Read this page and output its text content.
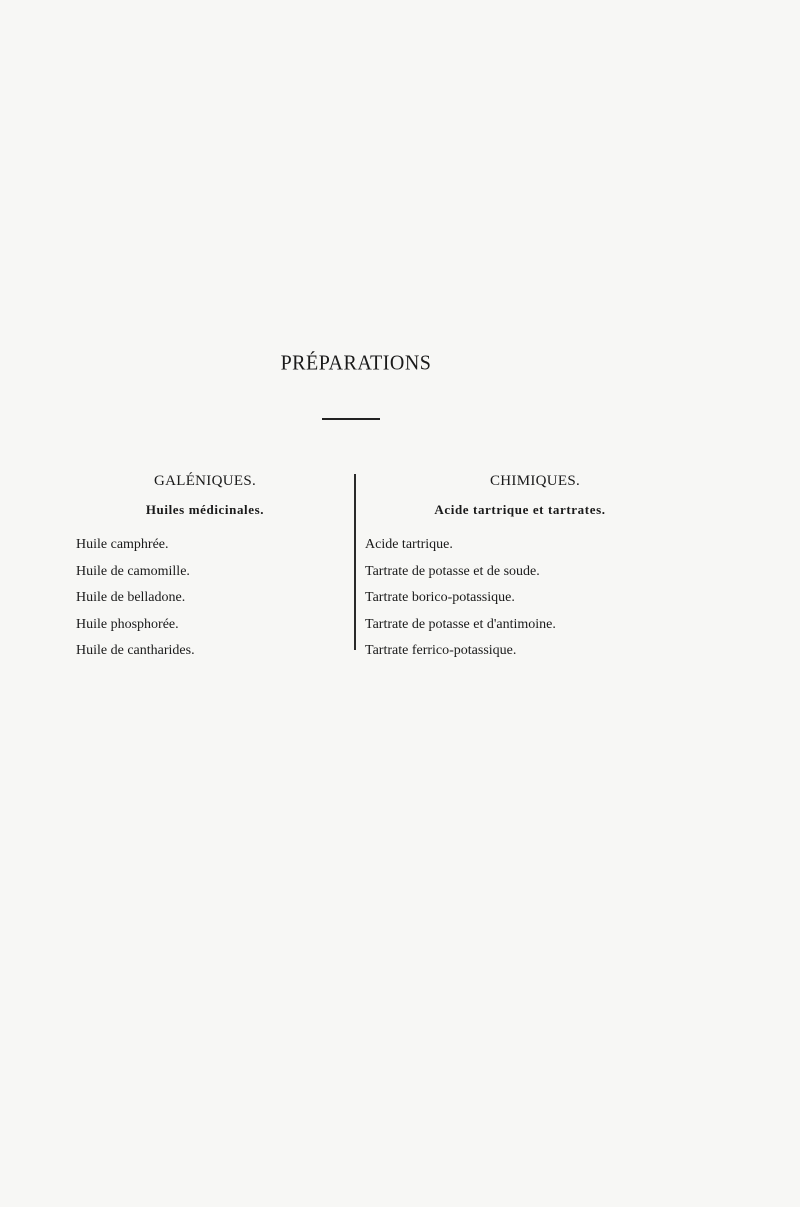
PRÉPARATIONS
GALÉNIQUES.
Huiles médicinales.
Huile camphrée.
Huile de camomille.
Huile de belladone.
Huile phosphorée.
Huile de cantharides.
CHIMIQUES.
Acide tartrique et tartrates.
Acide tartrique.
Tartrate de potasse et de soude.
Tartrate borico-potassique.
Tartrate de potasse et d'antimoine.
Tartrate ferrico-potassique.
